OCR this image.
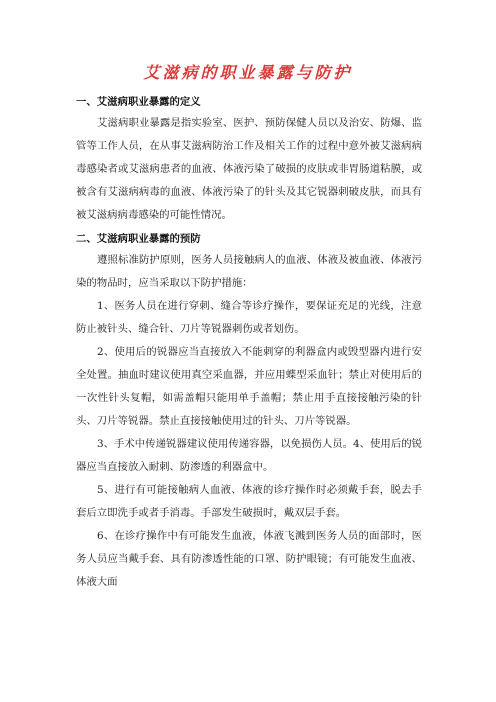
艾滋病的职业暴露与防护
一、艾滋病职业暴露的定义

艾滋病职业暴露是指实验室、医护、预防保健人员以及治安、防爆、监管等工作人员，在从事艾滋病防治工作及相关工作的过程中意外被艾滋病病毒感染者或艾滋病患者的血液、体液污染了破损的皮肤或非胃肠道粘膜，或被含有艾滋病病毒的血液、体液污染了的针头及其它锐器刺破皮肤，而具有被艾滋病病毒感染的可能性情况。

二、艾滋病职业暴露的预防

遵照标准防护原则，医务人员接触病人的血液、体液及被血液、体液污染的物品时，应当采取以下防护措施：

1、医务人员在进行穿刺、缝合等诊疗操作，要保证充足的光线，注意防止被针头、缝合针、刀片等锐器刺伤或者划伤。

2、使用后的锐器应当直接放入不能刺穿的利器盒内或毁型器内进行安全处置。抽血时建议使用真空采血器，并应用蝶型采血针；禁止对使用后的一次性针头复帽，如需盖帽只能用单手盖帽；禁止用手直接接触污染的针头、刀片等锐器。禁止直接接触使用过的针头、刀片等锐器。

3、手术中传递锐器建议使用传递容器，以免损伤人员。4、使用后的锐器应当直接放入耐刺、防渗透的利器盒中。

5、进行有可能接触病人血液、体液的诊疗操作时必须戴手套，脱去手套后立即洗手或者手消毒。手部发生破损时，戴双层手套。

6、在诊疗操作中有可能发生血液，体液飞溅到医务人员的面部时，医务人员应当戴手套、具有防渗透性能的口罩、防护眼镜；有可能发生血液、体液大面
